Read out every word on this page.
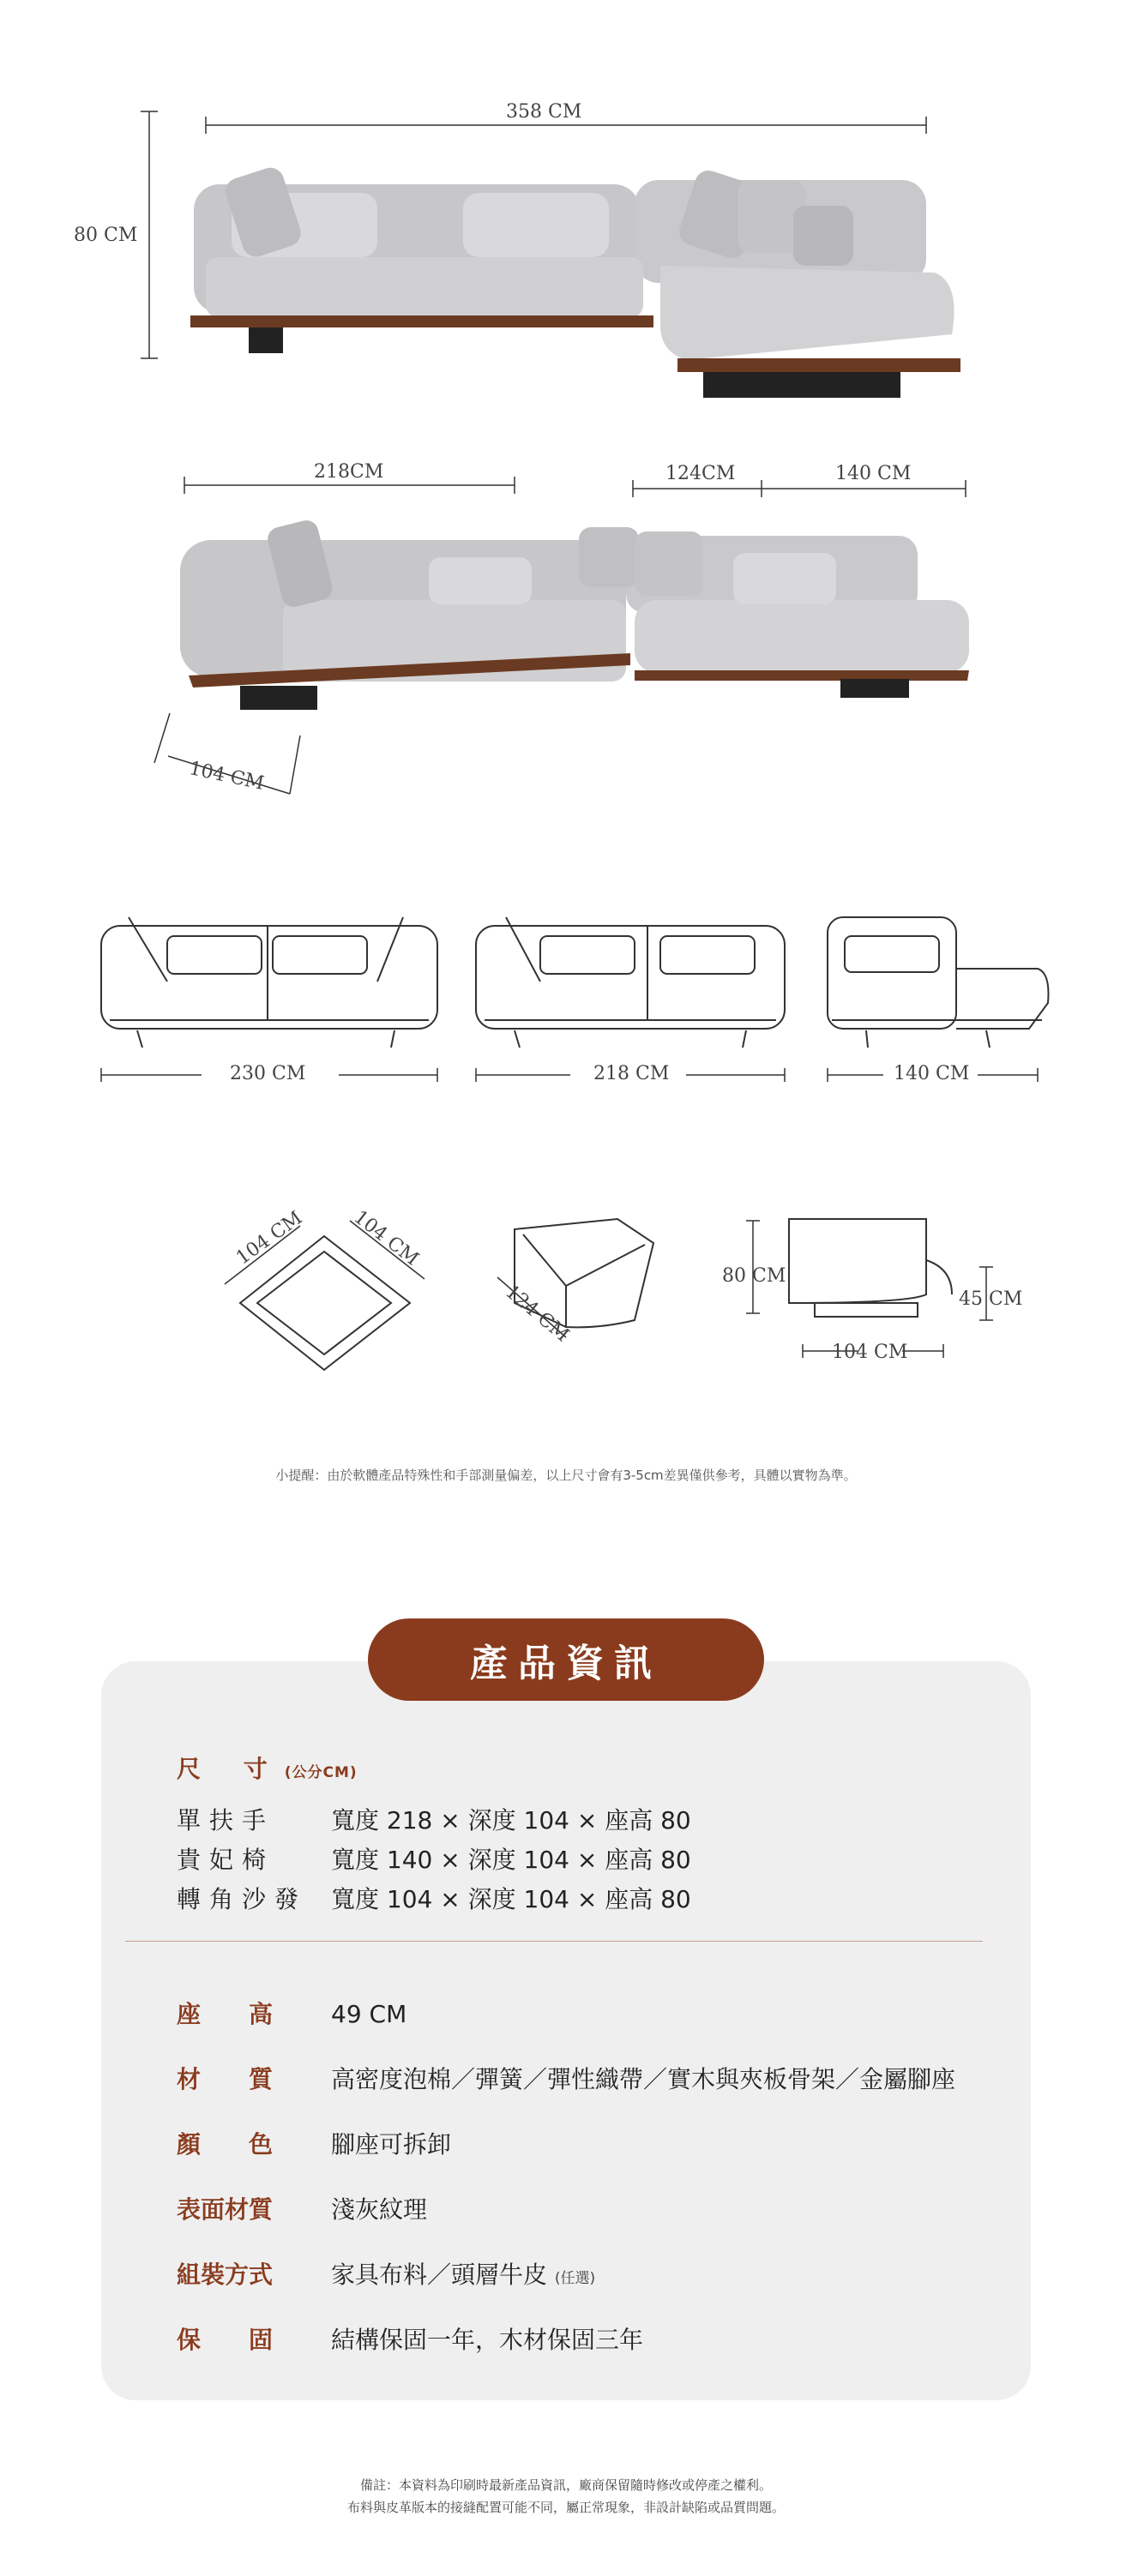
358 CM
80 CM
218CM	124CM	140 CM
104 CM
230 CM	218 CM	140 CM
104 CM 104 CM
124 CM
80 CM
45 CM
104 CM
小提醒：由於軟體產品特殊性和手部測量偏差，以上尺寸會有3-5cm差異僅供參考，具體以實物為準。
產品資訊
尺 寸(公分CM)
單扶手 寬度 218 × 深度 104 × 座高 80
貴妃椅 寬度 140 × 深度 104 × 座高 80
轉角沙發 寬度 104 × 深度 104 × 座高 80
座　　高 49 CM
材　　質 高密度泡棉／彈簧／彈性織帶／實木與夾板骨架／金屬腳座
顏　　色 腳座可拆卸
表面材質 淺灰紋理
組裝方式 家具布料／頭層牛皮 (任選)
保　　固 結構保固一年，木材保固三年
備註：本資料為印刷時最新產品資訊，廠商保留隨時修改或停產之權利。
布料與皮革版本的接縫配置可能不同，屬正常現象，非設計缺陷或品質問題。
